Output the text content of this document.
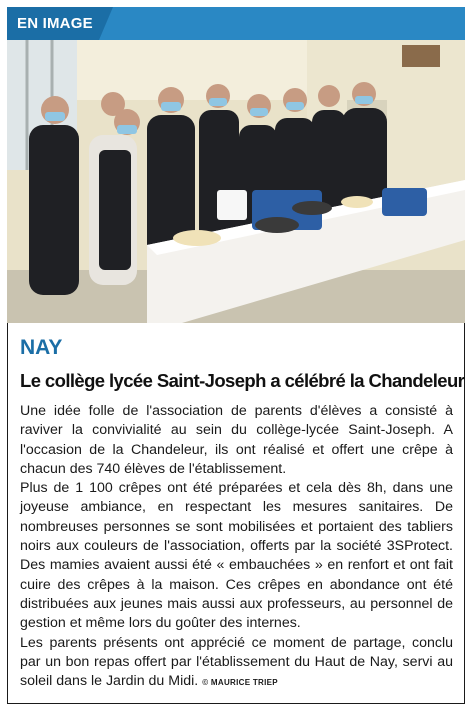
EN IMAGE
NAY
Le collège lycée Saint-Joseph a célébré la Chandeleur

Une idée folle de l'association de parents d'élèves a consisté à raviver la convivialité au sein du collège-lycée Saint-Joseph. A l'occasion de la Chandeleur, ils ont réalisé et offert une crêpe à chacun des 740 élèves de l'établissement.

Plus de 1 100 crêpes ont été préparées et cela dès 8h, dans une joyeuse ambiance, en respectant les mesures sanitaires. De nombreuses personnes se sont mobilisées et portaient des tabliers noirs aux couleurs de l'association, offerts par la société 3SProtect. Des mamies avaient aussi été « embauchées » en renfort et ont fait cuire des crêpes à la maison. Ces crêpes en abondance ont été distribuées aux jeunes mais aussi aux professeurs, au personnel de gestion et même lors du goûter des internes.

Les parents présents ont apprécié ce moment de partage, conclu par un bon repas offert par l'établissement du Haut de Nay, servi au soleil dans le Jardin du Midi. © MAURICE TRIEP
